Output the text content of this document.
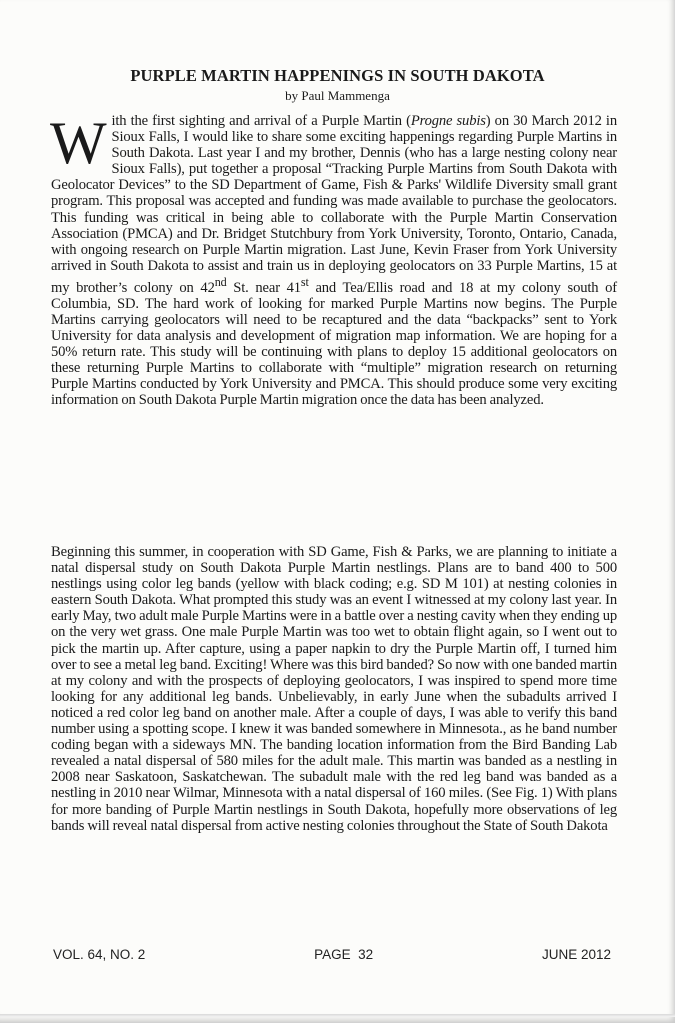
PURPLE MARTIN HAPPENINGS IN SOUTH DAKOTA
by Paul Mammenga
With the first sighting and arrival of a Purple Martin (Progne subis) on 30 March 2012 in Sioux Falls, I would like to share some exciting happenings regarding Purple Martins in South Dakota. Last year I and my brother, Dennis (who has a large nesting colony near Sioux Falls), put together a proposal “Tracking Purple Martins from South Dakota with Geolocator Devices” to the SD Department of Game, Fish & Parks' Wildlife Diversity small grant program. This proposal was accepted and funding was made available to purchase the geolocators. This funding was critical in being able to collaborate with the Purple Martin Conservation Association (PMCA) and Dr. Bridget Stutchbury from York University, Toronto, Ontario, Canada, with ongoing research on Purple Martin migration. Last June, Kevin Fraser from York University arrived in South Dakota to assist and train us in deploying geolocators on 33 Purple Martins, 15 at my brother’s colony on 42nd St. near 41st and Tea/Ellis road and 18 at my colony south of Columbia, SD. The hard work of looking for marked Purple Martins now begins. The Purple Martins carrying geolocators will need to be recaptured and the data “backpacks” sent to York University for data analysis and development of migration map information. We are hoping for a 50% return rate. This study will be continuing with plans to deploy 15 additional geolocators on these returning Purple Martins to collaborate with “multiple” migration research on returning Purple Martins conducted by York University and PMCA. This should produce some very exciting information on South Dakota Purple Martin migration once the data has been analyzed.
Beginning this summer, in cooperation with SD Game, Fish & Parks, we are planning to initiate a natal dispersal study on South Dakota Purple Martin nestlings. Plans are to band 400 to 500 nestlings using color leg bands (yellow with black coding; e.g. SD M 101) at nesting colonies in eastern South Dakota. What prompted this study was an event I witnessed at my colony last year. In early May, two adult male Purple Martins were in a battle over a nesting cavity when they ending up on the very wet grass. One male Purple Martin was too wet to obtain flight again, so I went out to pick the martin up. After capture, using a paper napkin to dry the Purple Martin off, I turned him over to see a metal leg band. Exciting! Where was this bird banded? So now with one banded martin at my colony and with the prospects of deploying geolocators, I was inspired to spend more time looking for any additional leg bands. Unbelievably, in early June when the subadults arrived I noticed a red color leg band on another male. After a couple of days, I was able to verify this band number using a spotting scope. I knew it was banded somewhere in Minnesota., as he band number coding began with a sideways MN. The banding location information from the Bird Banding Lab revealed a natal dispersal of 580 miles for the adult male. This martin was banded as a nestling in 2008 near Saskatoon, Saskatchewan. The subadult male with the red leg band was banded as a nestling in 2010 near Wilmar, Minnesota with a natal dispersal of 160 miles. (See Fig. 1) With plans for more banding of Purple Martin nestlings in South Dakota, hopefully more observations of leg bands will reveal natal dispersal from active nesting colonies throughout the State of South Dakota
VOL. 64, NO. 2	PAGE  32	JUNE 2012
